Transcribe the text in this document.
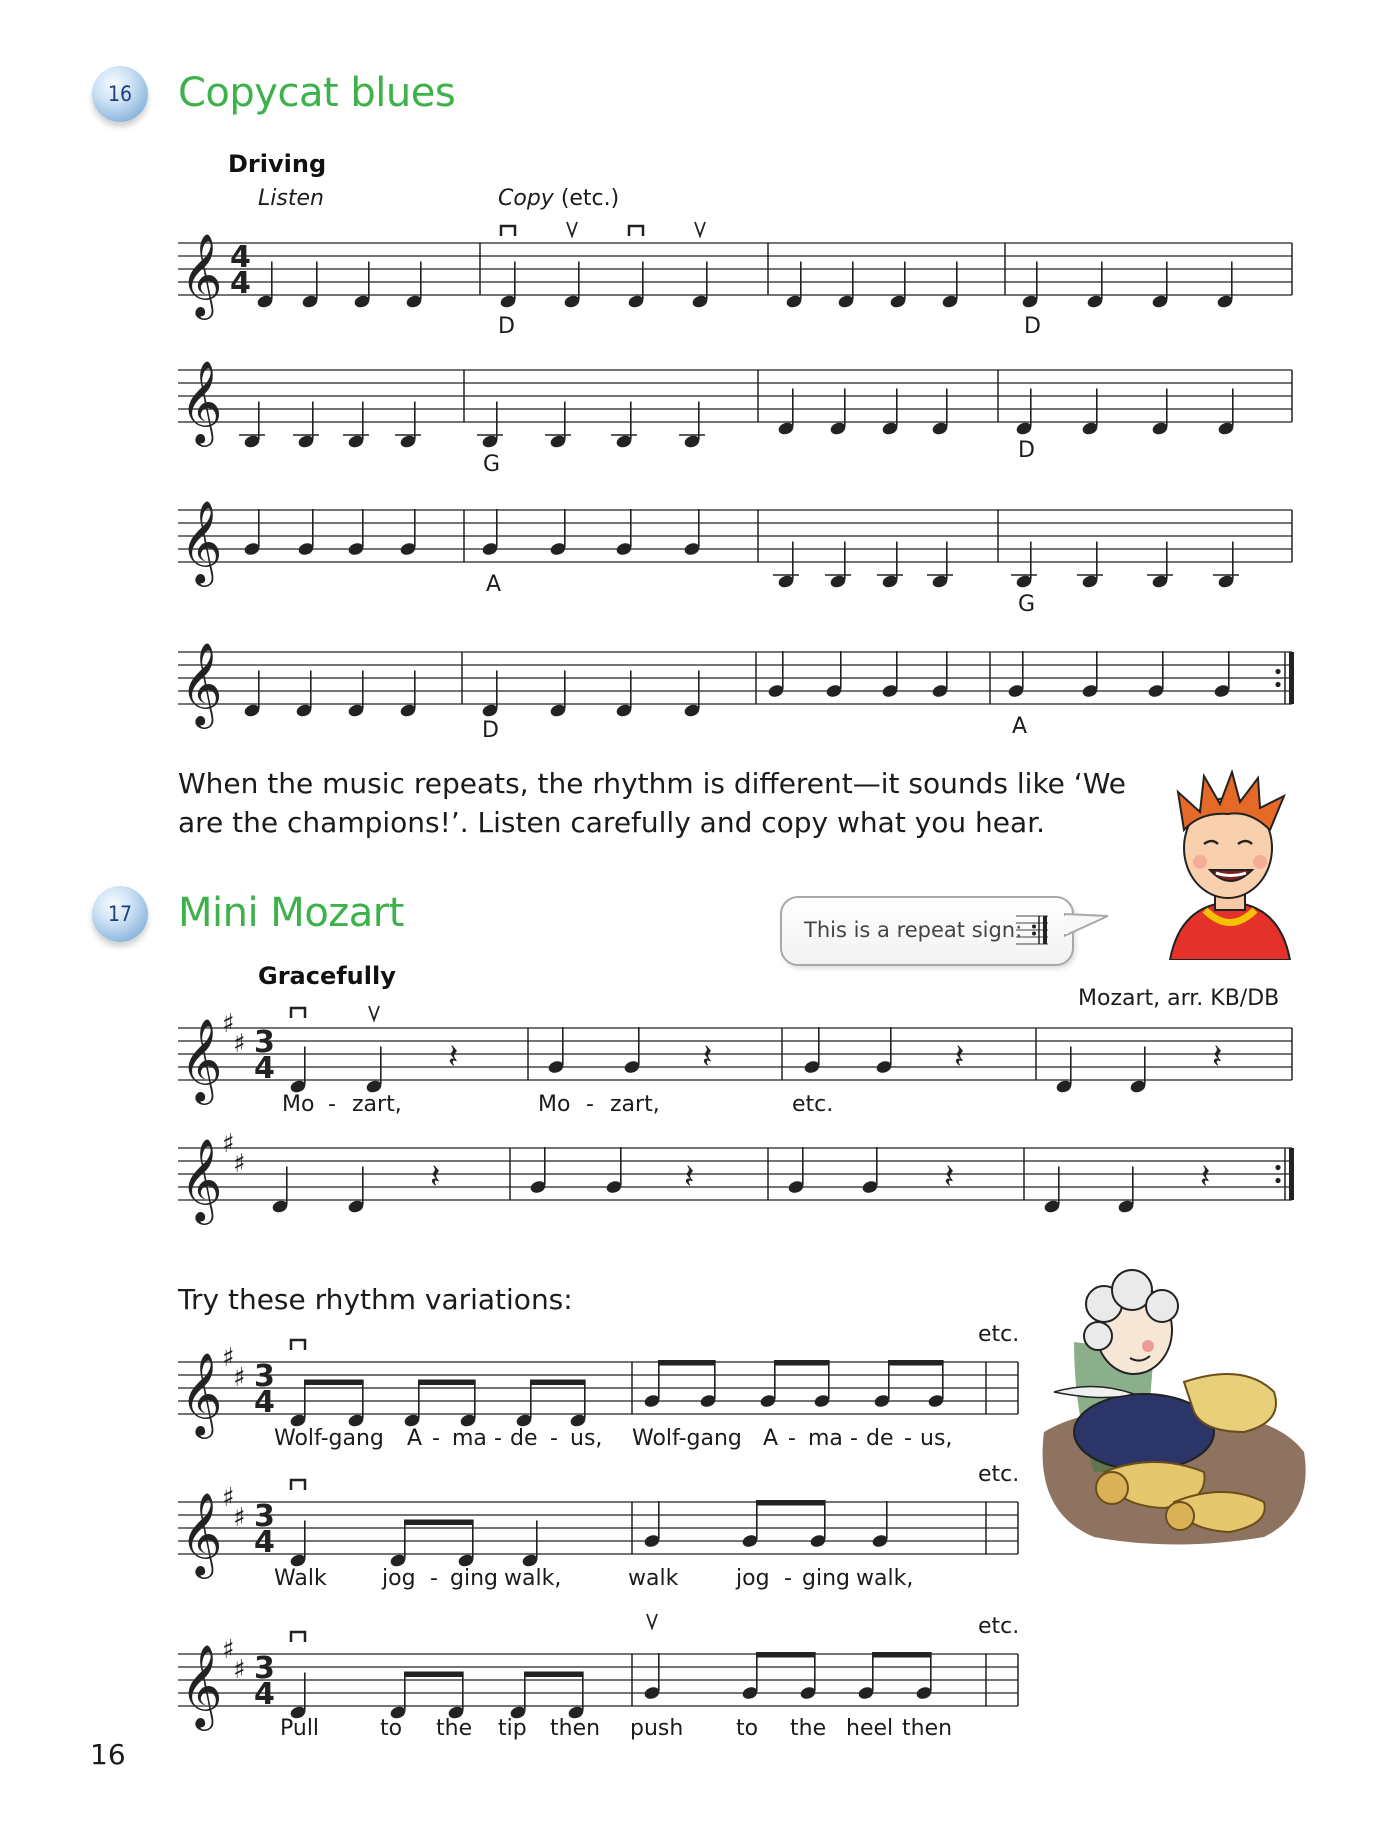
16 Copycat blues
Driving
Listen	Copy (etc.)
D	D
G
D
A
G
D	A
𝄞 4
4
𝄞
𝄞
𝄞
𝄞 ♯
♯ 3
4
𝄞 ♯
♯
𝄽	𝄽	𝄽	𝄽
𝄽	𝄽	𝄽	𝄽
𝄞 ♯
♯ 3
4
𝄞 ♯
♯ 3
4
𝄞 ♯
♯ 3
4
When the music repeats, the rhythm is different—it sounds like ‘We
are the champions!’. Listen carefully and copy what you hear.
17 Mini Mozart
Gracefully
Mozart, arr. KB/DB
This is a repeat sign:
Mo - zart,	Mo - zart,	etc.
Try these rhythm variations:
etc.
etc.
etc.
Wolf-gang A - ma - de - us, Wolf-gang A - ma - de - us,
Walk	jog - ging walk,	walk	jog - ging walk,
Pull	to the tip then push to the heel then
16
